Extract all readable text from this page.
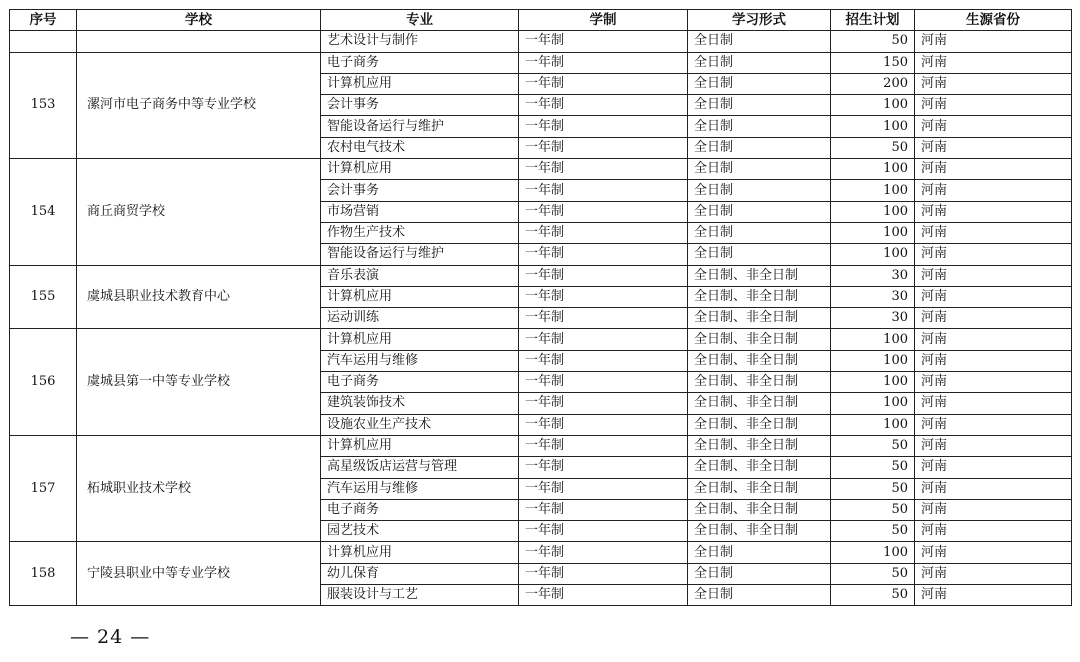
序号	学校	专业	学制	学习形式	招生计划	生源省份
		艺术设计与制作	一年制	全日制	50	河南
153	漯河市电子商务中等专业学校	电子商务	一年制	全日制	150	河南
		计算机应用	一年制	全日制	200	河南
		会计事务	一年制	全日制	100	河南
		智能设备运行与维护	一年制	全日制	100	河南
		农村电气技术	一年制	全日制	50	河南
154	商丘商贸学校	计算机应用	一年制	全日制	100	河南
		会计事务	一年制	全日制	100	河南
		市场营销	一年制	全日制	100	河南
		作物生产技术	一年制	全日制	100	河南
		智能设备运行与维护	一年制	全日制	100	河南
155	虞城县职业技术教育中心	音乐表演	一年制	全日制、非全日制	30	河南
		计算机应用	一年制	全日制、非全日制	30	河南
		运动训练	一年制	全日制、非全日制	30	河南
156	虞城县第一中等专业学校	计算机应用	一年制	全日制、非全日制	100	河南
		汽车运用与维修	一年制	全日制、非全日制	100	河南
		电子商务	一年制	全日制、非全日制	100	河南
		建筑装饰技术	一年制	全日制、非全日制	100	河南
		设施农业生产技术	一年制	全日制、非全日制	100	河南
157	柘城职业技术学校	计算机应用	一年制	全日制、非全日制	50	河南
		高星级饭店运营与管理	一年制	全日制、非全日制	50	河南
		汽车运用与维修	一年制	全日制、非全日制	50	河南
		电子商务	一年制	全日制、非全日制	50	河南
		园艺技术	一年制	全日制、非全日制	50	河南
158	宁陵县职业中等专业学校	计算机应用	一年制	全日制	100	河南
		幼儿保育	一年制	全日制	50	河南
		服装设计与工艺	一年制	全日制	50	河南
— 24 —
